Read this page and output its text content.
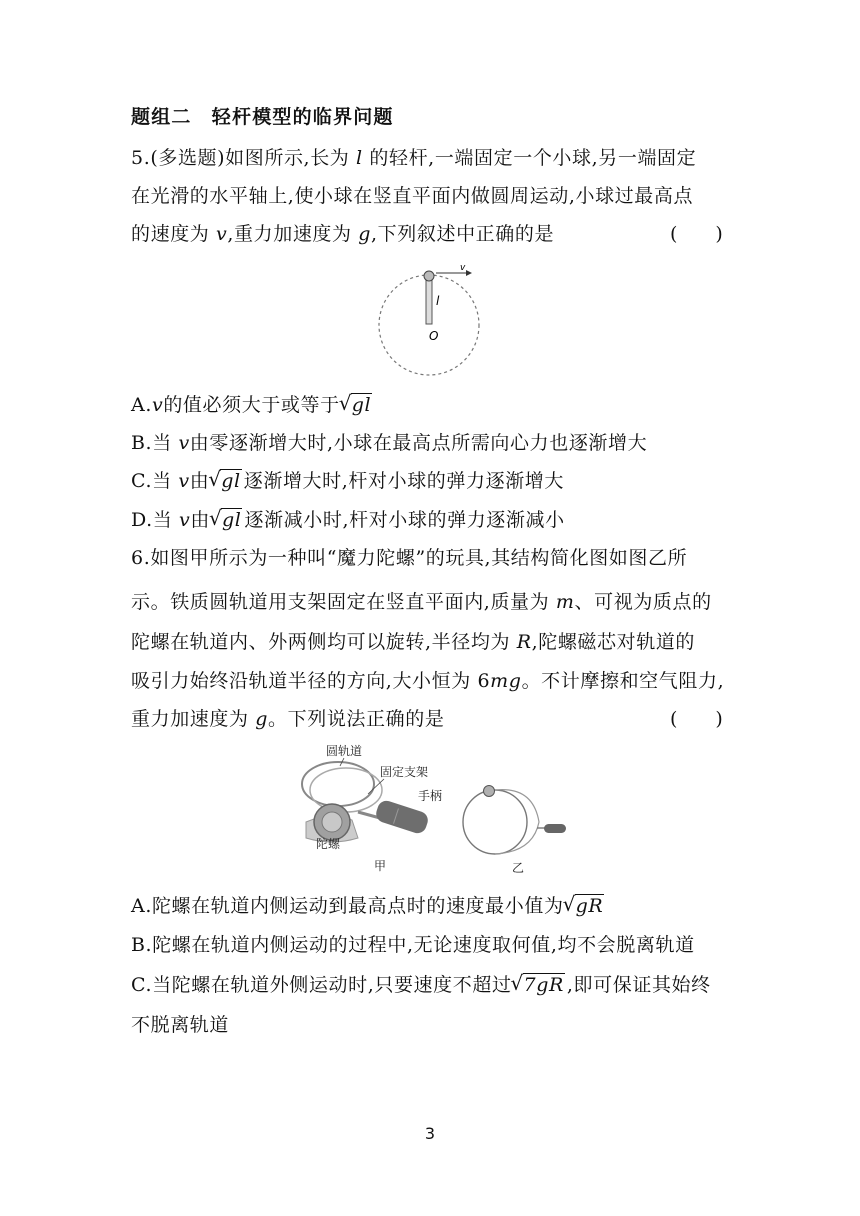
题组二　轻杆模型的临界问题
5.(多选题)如图所示,长为 l 的轻杆,一端固定一个小球,另一端固定
在光滑的水平轴上,使小球在竖直平面内做圆周运动,小球过最高点
的速度为 v,重力加速度为 g,下列叙述中正确的是	(　　)
v
l
O
A.v的值必须大于或等于 √ gl
B.当 v由零逐渐增大时,小球在最高点所需向心力也逐渐增大
C.当 v由 √ gl 逐渐增大时,杆对小球的弹力逐渐增大
D.当 v由 √ gl 逐渐减小时,杆对小球的弹力逐渐减小
6.如图甲所示为一种叫“魔力陀螺”的玩具,其结构简化图如图乙所
示。铁质圆轨道用支架固定在竖直平面内,质量为 m、可视为质点的
陀螺在轨道内、外两侧均可以旋转,半径均为 R,陀螺磁芯对轨道的
吸引力始终沿轨道半径的方向,大小恒为 6mg。不计摩擦和空气阻力,
重力加速度为 g。下列说法正确的是	(　　)
圆轨道
固定支架
手柄
陀螺
甲	乙
A.陀螺在轨道内侧运动到最高点时的速度最小值为 √ gR
B.陀螺在轨道内侧运动的过程中,无论速度取何值,均不会脱离轨道
C.当陀螺在轨道外侧运动时,只要速度不超过 √ 7gR ,即可保证其始终
不脱离轨道
3
